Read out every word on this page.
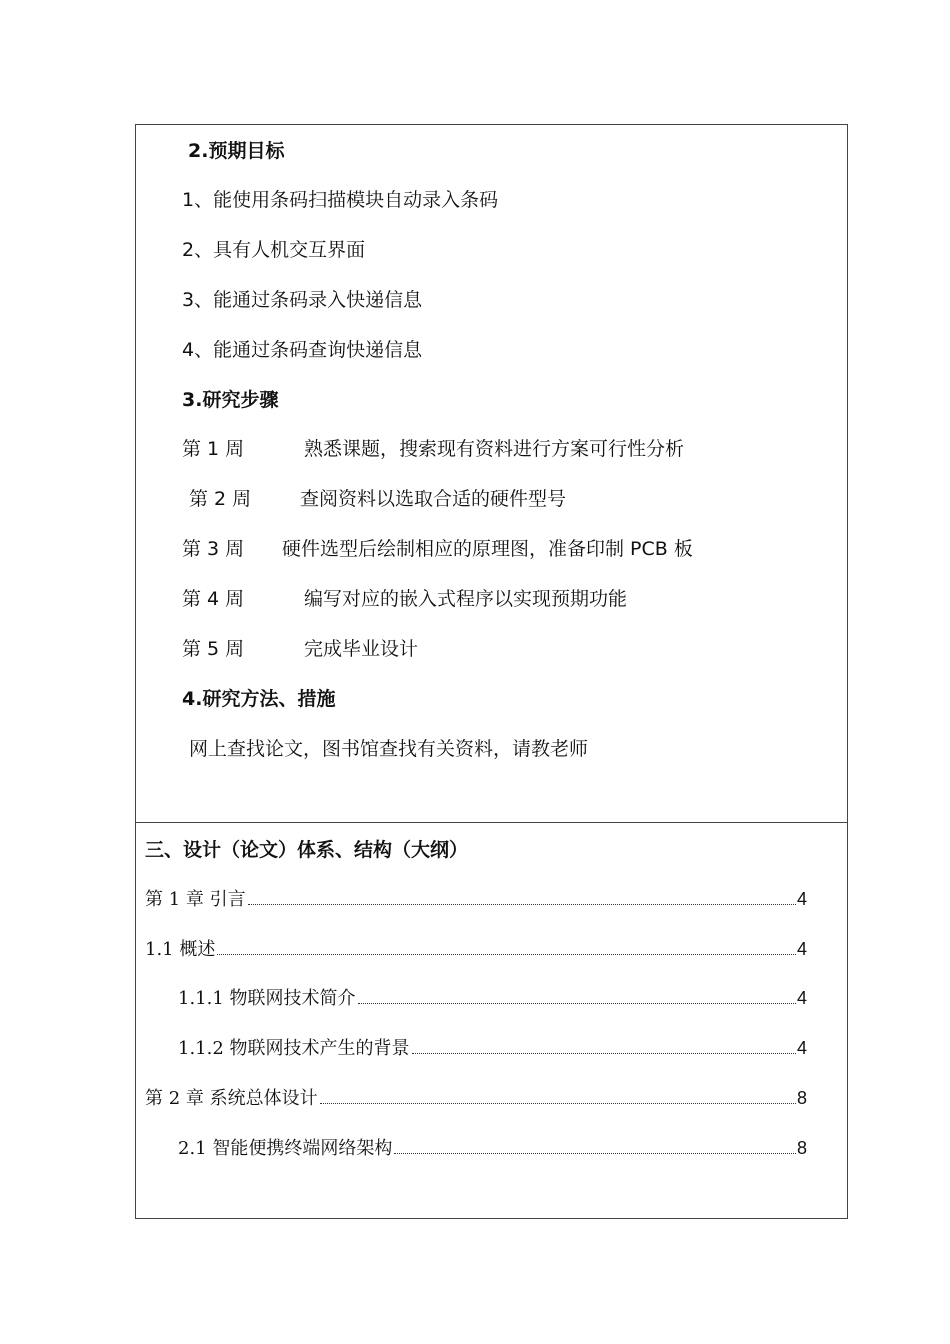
2.预期目标
1、能使用条码扫描模块自动录入条码
2、具有人机交互界面
3、能通过条码录入快递信息
4、能通过条码查询快递信息
3.研究步骤
第 1 周	熟悉课题，搜索现有资料进行方案可行性分析
第 2 周	查阅资料以选取合适的硬件型号
第 3 周 硬件选型后绘制相应的原理图，准备印制 PCB 板
第 4 周	编写对应的嵌入式程序以实现预期功能
第 5 周	完成毕业设计
4.研究方法、措施
网上查找论文，图书馆查找有关资料，请教老师
三、设计（论文）体系、结构（大纲）
第 1 章 引言	4
1.1 概述	4
1.1.1 物联网技术简介	4
1.1.2 物联网技术产生的背景	4
第 2 章 系统总体设计	8
2.1 智能便携终端网络架构	8
